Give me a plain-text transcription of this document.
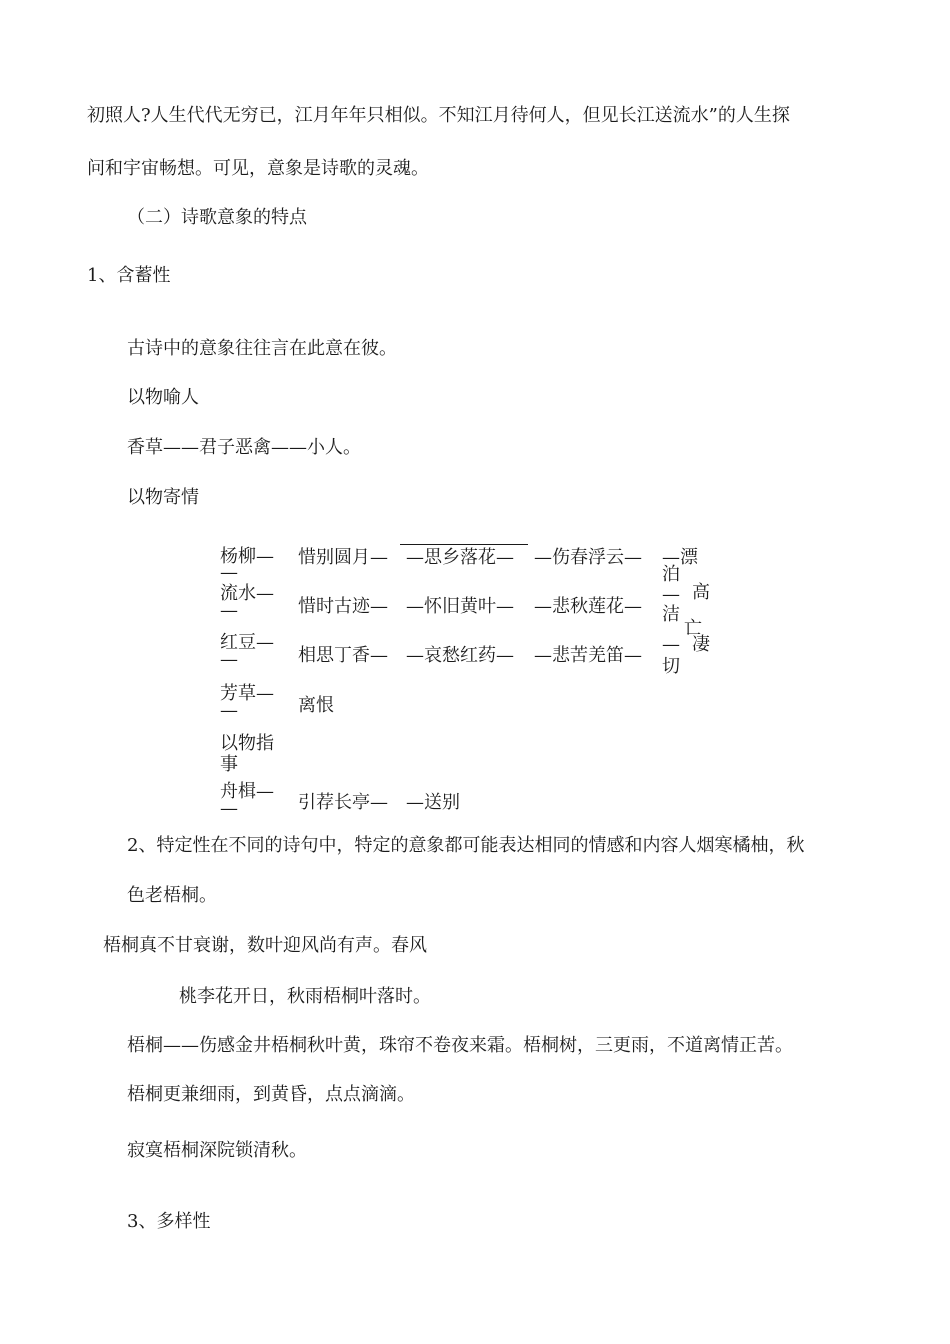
初照人?人生代代无穷已，江月年年只相似。不知江月待何人，但见长江送流水”的人生探
问和宇宙畅想。可见，意象是诗歌的灵魂。
（二）诗歌意象的特点
1、含蓄性
古诗中的意象往往言在此意在彼。
以物喻人
香草——君子恶禽——小人。
以物寄情
杨柳—
—
流水—
—
红豆—
—
芳草—
—
以物指
事
舟楫—
—
惜别圆月— —思乡落花— —伤春浮云— —漂
泊
惜时古迹— —怀旧黄叶— —悲秋莲花—
— 高
洁
亡
相思丁香— —哀愁红药— —悲苦羌笛—
— 凄
切
离恨
引荐长亭— —送别
2、特定性在不同的诗句中，特定的意象都可能表达相同的情感和内容人烟寒橘柚，秋
色老梧桐。
梧桐真不甘衰谢，数叶迎风尚有声。春风
桃李花开日，秋雨梧桐叶落时。
梧桐——伤感金井梧桐秋叶黄，珠帘不卷夜来霜。梧桐树，三更雨，不道离情正苦。
梧桐更兼细雨，到黄昏，点点滴滴。
寂寞梧桐深院锁清秋。
3、多样性
